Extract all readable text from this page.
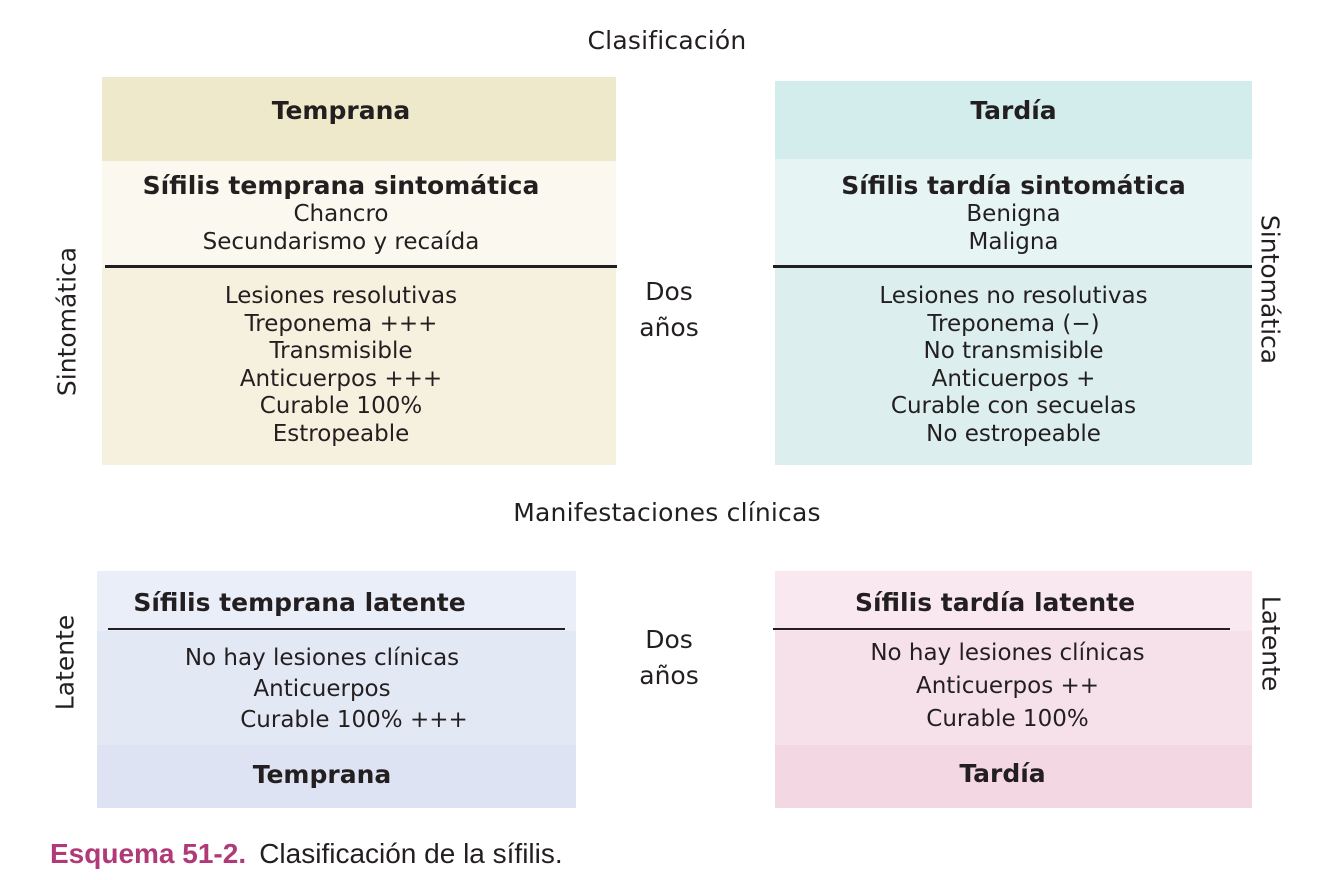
Clasificación
Temprana
Sífilis temprana sintomática
Chancro
Secundarismo y recaída
Lesiones resolutivas
Treponema +++
Transmisible
Anticuerpos +++
Curable 100%
Estropeable
Tardía
Sífilis tardía sintomática
Benigna
Maligna
Lesiones no resolutivas
Treponema (−)
No transmisible
Anticuerpos +
Curable con secuelas
No estropeable
Dos
años
Sintomática	Sintomática
Manifestaciones clínicas
Sífilis temprana latente
No hay lesiones clínicas
Anticuerpos
Curable 100% +++
Temprana
Sífilis tardía latente
No hay lesiones clínicas
Anticuerpos ++
Curable 100%
Tardía
Dos
años
Latente	Latente
Esquema 51-2. Clasificación de la sífilis.
